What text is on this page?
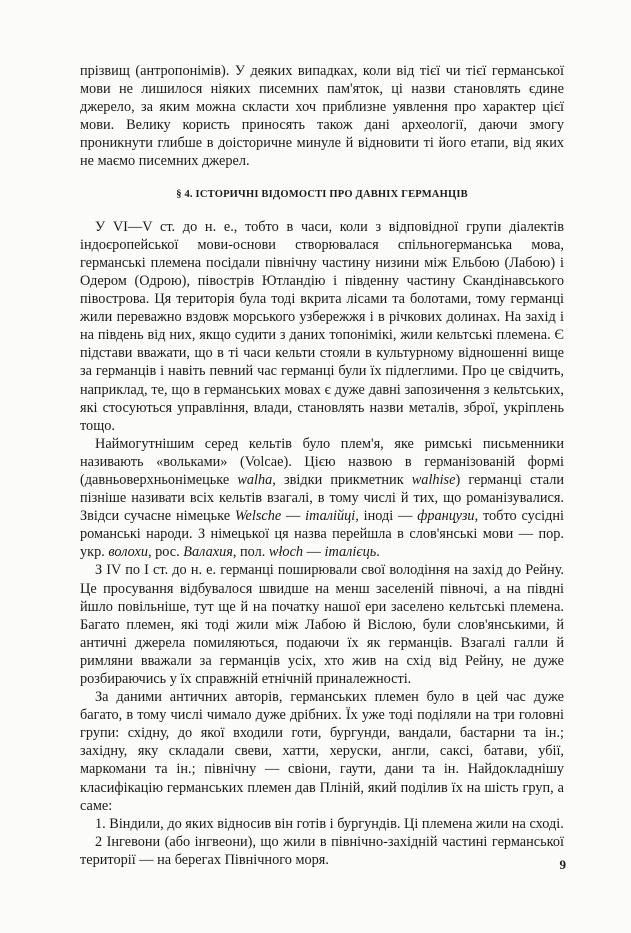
прізвищ (антропонімів). У деяких випадках, коли від тієї чи тієї германської мови не лишилося ніяких писемних пам'яток, ці назви становлять єдине джерело, за яким можна скласти хоч приблизне уявлення про характер цієї мови. Велику користь приносять також дані археології, даючи змогу проникнути глибше в доісторичне минуле й відновити ті його етапи, від яких не маємо писемних джерел.

§ 4. ІСТОРИЧНІ ВІДОМОСТІ ПРО ДАВНІХ ГЕРМАНЦІВ

У VI—V ст. до н. е., тобто в часи, коли з відповідної групи діалектів індоєропейської мови-основи створювалася спільногерманська мова, германські племена посідали північну частину низини між Ельбою (Лабою) і Одером (Одрою), півострів Ютландію і південну частину Скандінавського півострова. Ця територія була тоді вкрита лісами та болотами, тому германці жили переважно вздовж морського узбережжя і в річкових долинах. На захід і на південь від них, якщо судити з даних топонімікі, жили кельтські племена. Є підстави вважати, що в ті часи кельти стояли в культурному відношенні вище за германців і навіть певний час германці були їх підлеглими. Про це свідчить, наприклад, те, що в германських мовах є дуже давні запозичення з кельтських, які стосуються управління, влади, становлять назви металів, зброї, укріплень тощо.

Наймогутнішим серед кельтів було плем'я, яке римські письменники називають «вольками» (Volcae). Цією назвою в германізованій формі (давньоверхньонімецьке walha, звідки прикметник walhise) германці стали пізніше називати всіх кельтів взагалі, в тому числі й тих, що романізувалися. Звідси сучасне німецьке Welsche — італійці, іноді — французи, тобто сусідні романські народи. З німецької ця назва перейшла в слов'янські мови — пор. укр. волохи, рос. Валахия, пол. włoch — італієць.

З IV по I ст. до н. е. германці поширювали свої володіння на захід до Рейну. Це просування відбувалося швидше на менш заселеній півночі, а на півдні йшло повільніше, тут ще й на початку нашої ери заселено кельтські племена. Багато племен, які тоді жили між Лабою й Віслою, були слов'янськими, й античні джерела помиляються, подаючи їх як германців. Взагалі галли й римляни вважали за германців усіх, хто жив на схід від Рейну, не дуже розбираючись у їх справжній етнічній приналежності.

За даними античних авторів, германських племен було в цей час дуже багато, в тому числі чимало дуже дрібних. Їх уже тоді поділяли на три головні групи: східну, до якої входили готи, бургунди, вандали, бастарни та ін.; західну, яку складали свеви, хатти, херуски, англи, саксі, батави, убії, маркомани та ін.; північну — свіони, гаути, дани та ін. Найдокладнішу класифікацію германських племен дав Пліній, який поділив їх на шість груп, а саме:

1. Віндили, до яких відносив він готів і бургундів. Ці племена жили на сході.

2 Інгевони (або інгвеони), що жили в північно-західній частині германської території — на берегах Північного моря.	9
